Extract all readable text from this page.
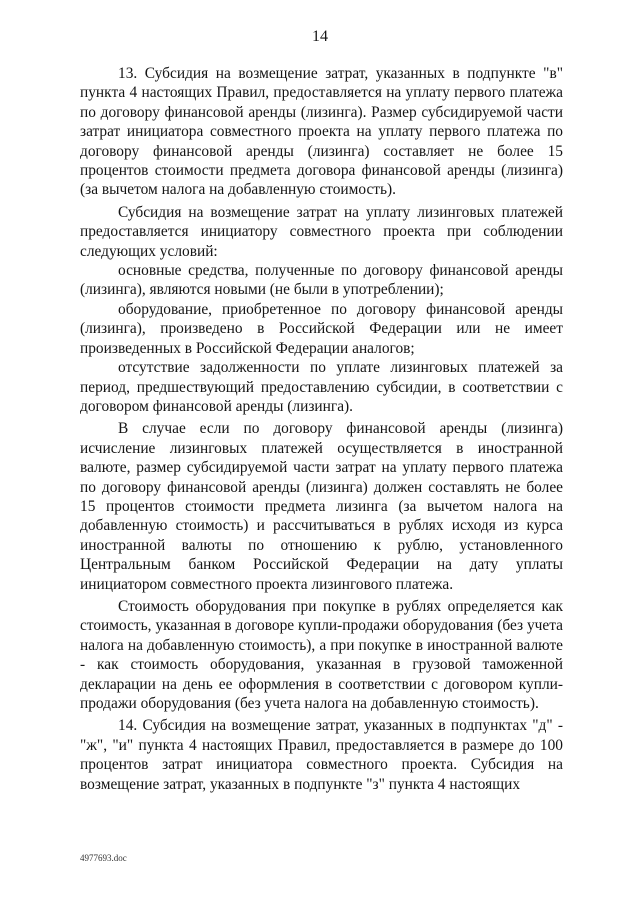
14

13. Субсидия на возмещение затрат, указанных в подпункте "в" пункта 4 настоящих Правил, предоставляется на уплату первого платежа по договору финансовой аренды (лизинга). Размер субсидируемой части затрат инициатора совместного проекта на уплату первого платежа по договору финансовой аренды (лизинга) составляет не более 15 процентов стоимости предмета договора финансовой аренды (лизинга) (за вычетом налога на добавленную стоимость).

Субсидия на возмещение затрат на уплату лизинговых платежей предоставляется инициатору совместного проекта при соблюдении следующих условий:

основные средства, полученные по договору финансовой аренды (лизинга), являются новыми (не были в употреблении);

оборудование, приобретенное по договору финансовой аренды (лизинга), произведено в Российской Федерации или не имеет произведенных в Российской Федерации аналогов;

отсутствие задолженности по уплате лизинговых платежей за период, предшествующий предоставлению субсидии, в соответствии с договором финансовой аренды (лизинга).

В случае если по договору финансовой аренды (лизинга) исчисление лизинговых платежей осуществляется в иностранной валюте, размер субсидируемой части затрат на уплату первого платежа по договору финансовой аренды (лизинга) должен составлять не более 15 процентов стоимости предмета лизинга (за вычетом налога на добавленную стоимость) и рассчитываться в рублях исходя из курса иностранной валюты по отношению к рублю, установленного Центральным банком Российской Федерации на дату уплаты инициатором совместного проекта лизингового платежа.

Стоимость оборудования при покупке в рублях определяется как стоимость, указанная в договоре купли-продажи оборудования (без учета налога на добавленную стоимость), а при покупке в иностранной валюте - как стоимость оборудования, указанная в грузовой таможенной декларации на день ее оформления в соответствии с договором купли-продажи оборудования (без учета налога на добавленную стоимость).

14. Субсидия на возмещение затрат, указанных в подпунктах "д" - "ж", "и" пункта 4 настоящих Правил, предоставляется в размере до 100 процентов затрат инициатора совместного проекта. Субсидия на возмещение затрат, указанных в подпункте "з" пункта 4 настоящих

4977693.doc
